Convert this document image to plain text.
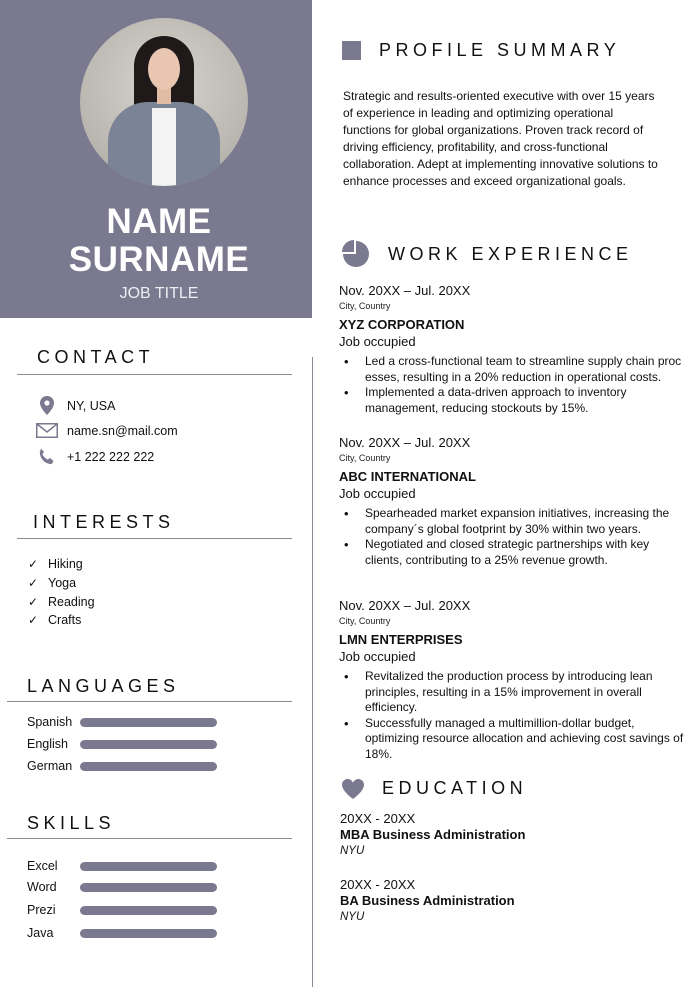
NAME
SURNAME
JOB TITLE
CONTACT
NY, USA
name.sn@mail.com
+1 222 222 222
INTERESTS
✓ Hiking
✓ Yoga
✓ Reading
✓ Crafts
LANGUAGES
Spanish
English
German
SKILLS
Excel
Word
Prezi
Java
PROFILE SUMMARY
Strategic and results-oriented executive with over 15 years of experience in leading and optimizing operational functions for global organizations. Proven track record of driving efficiency, profitability, and cross-functional collaboration. Adept at implementing innovative solutions to enhance processes and exceed organizational goals.
WORK EXPERIENCE
Nov. 20XX – Jul. 20XX
City, Country
XYZ CORPORATION
Job occupied
• Led a cross-functional team to streamline supply chain proc esses, resulting in a 20% reduction in operational costs.
• Implemented a data-driven approach to inventory management, reducing stockouts by 15%.
Nov. 20XX – Jul. 20XX
City, Country
ABC INTERNATIONAL
Job occupied
• Spearheaded market expansion initiatives, increasing the company´s global footprint by 30% within two years.
• Negotiated and closed strategic partnerships with key clients, contributing to a 25% revenue growth.
Nov. 20XX – Jul. 20XX
City, Country
LMN ENTERPRISES
Job occupied
• Revitalized the production process by introducing lean principles, resulting in a 15% improvement in overall efficiency.
• Successfully managed a multimillion-dollar budget, optimizing resource allocation and achieving cost savings of 18%.
EDUCATION
20XX - 20XX
MBA Business Administration
NYU
20XX - 20XX
BA Business Administration
NYU
